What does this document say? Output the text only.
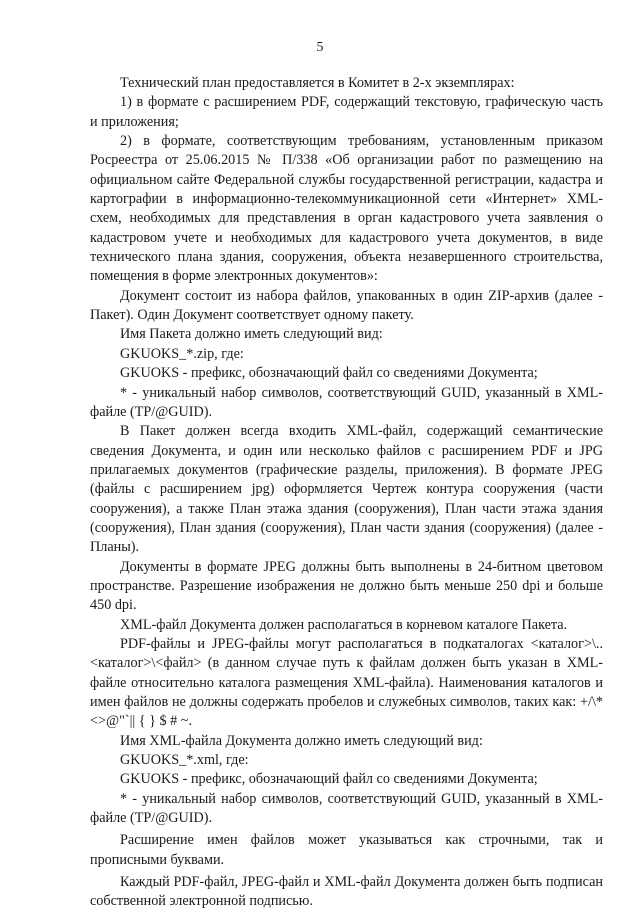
5

Технический план предоставляется в Комитет в 2-х экземплярах:

1) в формате с расширением PDF, содержащий текстовую, графическую часть и приложения;

2) в формате, соответствующим требованиям, установленным приказом Росреестра от 25.06.2015 № П/338 «Об организации работ по размещению на официальном сайте Федеральной службы государственной регистрации, кадастра и картографии в информационно-телекоммуникационной сети «Интернет» XML-схем, необходимых для представления в орган кадастрового учета заявления о кадастровом учете и необходимых для кадастрового учета документов, в виде технического плана здания, сооружения, объекта незавершенного строительства, помещения в форме электронных документов»:

Документ состоит из набора файлов, упакованных в один ZIP-архив (далее - Пакет). Один Документ соответствует одному пакету.

Имя Пакета должно иметь следующий вид:

GKUOKS_*.zip, где:

GKUOKS - префикс, обозначающий файл со сведениями Документа;

* - уникальный набор символов, соответствующий GUID, указанный в XML-файле (TP/@GUID).

В Пакет должен всегда входить XML-файл, содержащий семантические сведения Документа, и один или несколько файлов с расширением PDF и JPG прилагаемых документов (графические разделы, приложения). В формате JPEG (файлы с расширением jpg) оформляется Чертеж контура сооружения (части сооружения), а также План этажа здания (сооружения), План части этажа здания (сооружения), План здания (сооружения), План части здания (сооружения) (далее - Планы).

Документы в формате JPEG должны быть выполнены в 24-битном цветовом пространстве. Разрешение изображения не должно быть меньше 250 dpi и больше 450 dpi.

XML-файл Документа должен располагаться в корневом каталоге Пакета.

PDF-файлы и JPEG-файлы могут располагаться в подкаталогах <каталог>\..<каталог>\<файл> (в данном случае путь к файлам должен быть указан в XML-файле относительно каталога размещения XML-файла). Наименования каталогов и имен файлов не должны содержать пробелов и служебных символов, таких как: +/\*<>@"`|| { } $ # ~.

Имя XML-файла Документа должно иметь следующий вид:

GKUOKS_*.xml, где:

GKUOKS - префикс, обозначающий файл со сведениями Документа;

* - уникальный набор символов, соответствующий GUID, указанный в XML-файле (TP/@GUID).

Расширение имен файлов может указываться как строчными, так и прописными буквами.

Каждый PDF-файл, JPEG-файл и XML-файл Документа должен быть подписан собственной электронной подписью.
